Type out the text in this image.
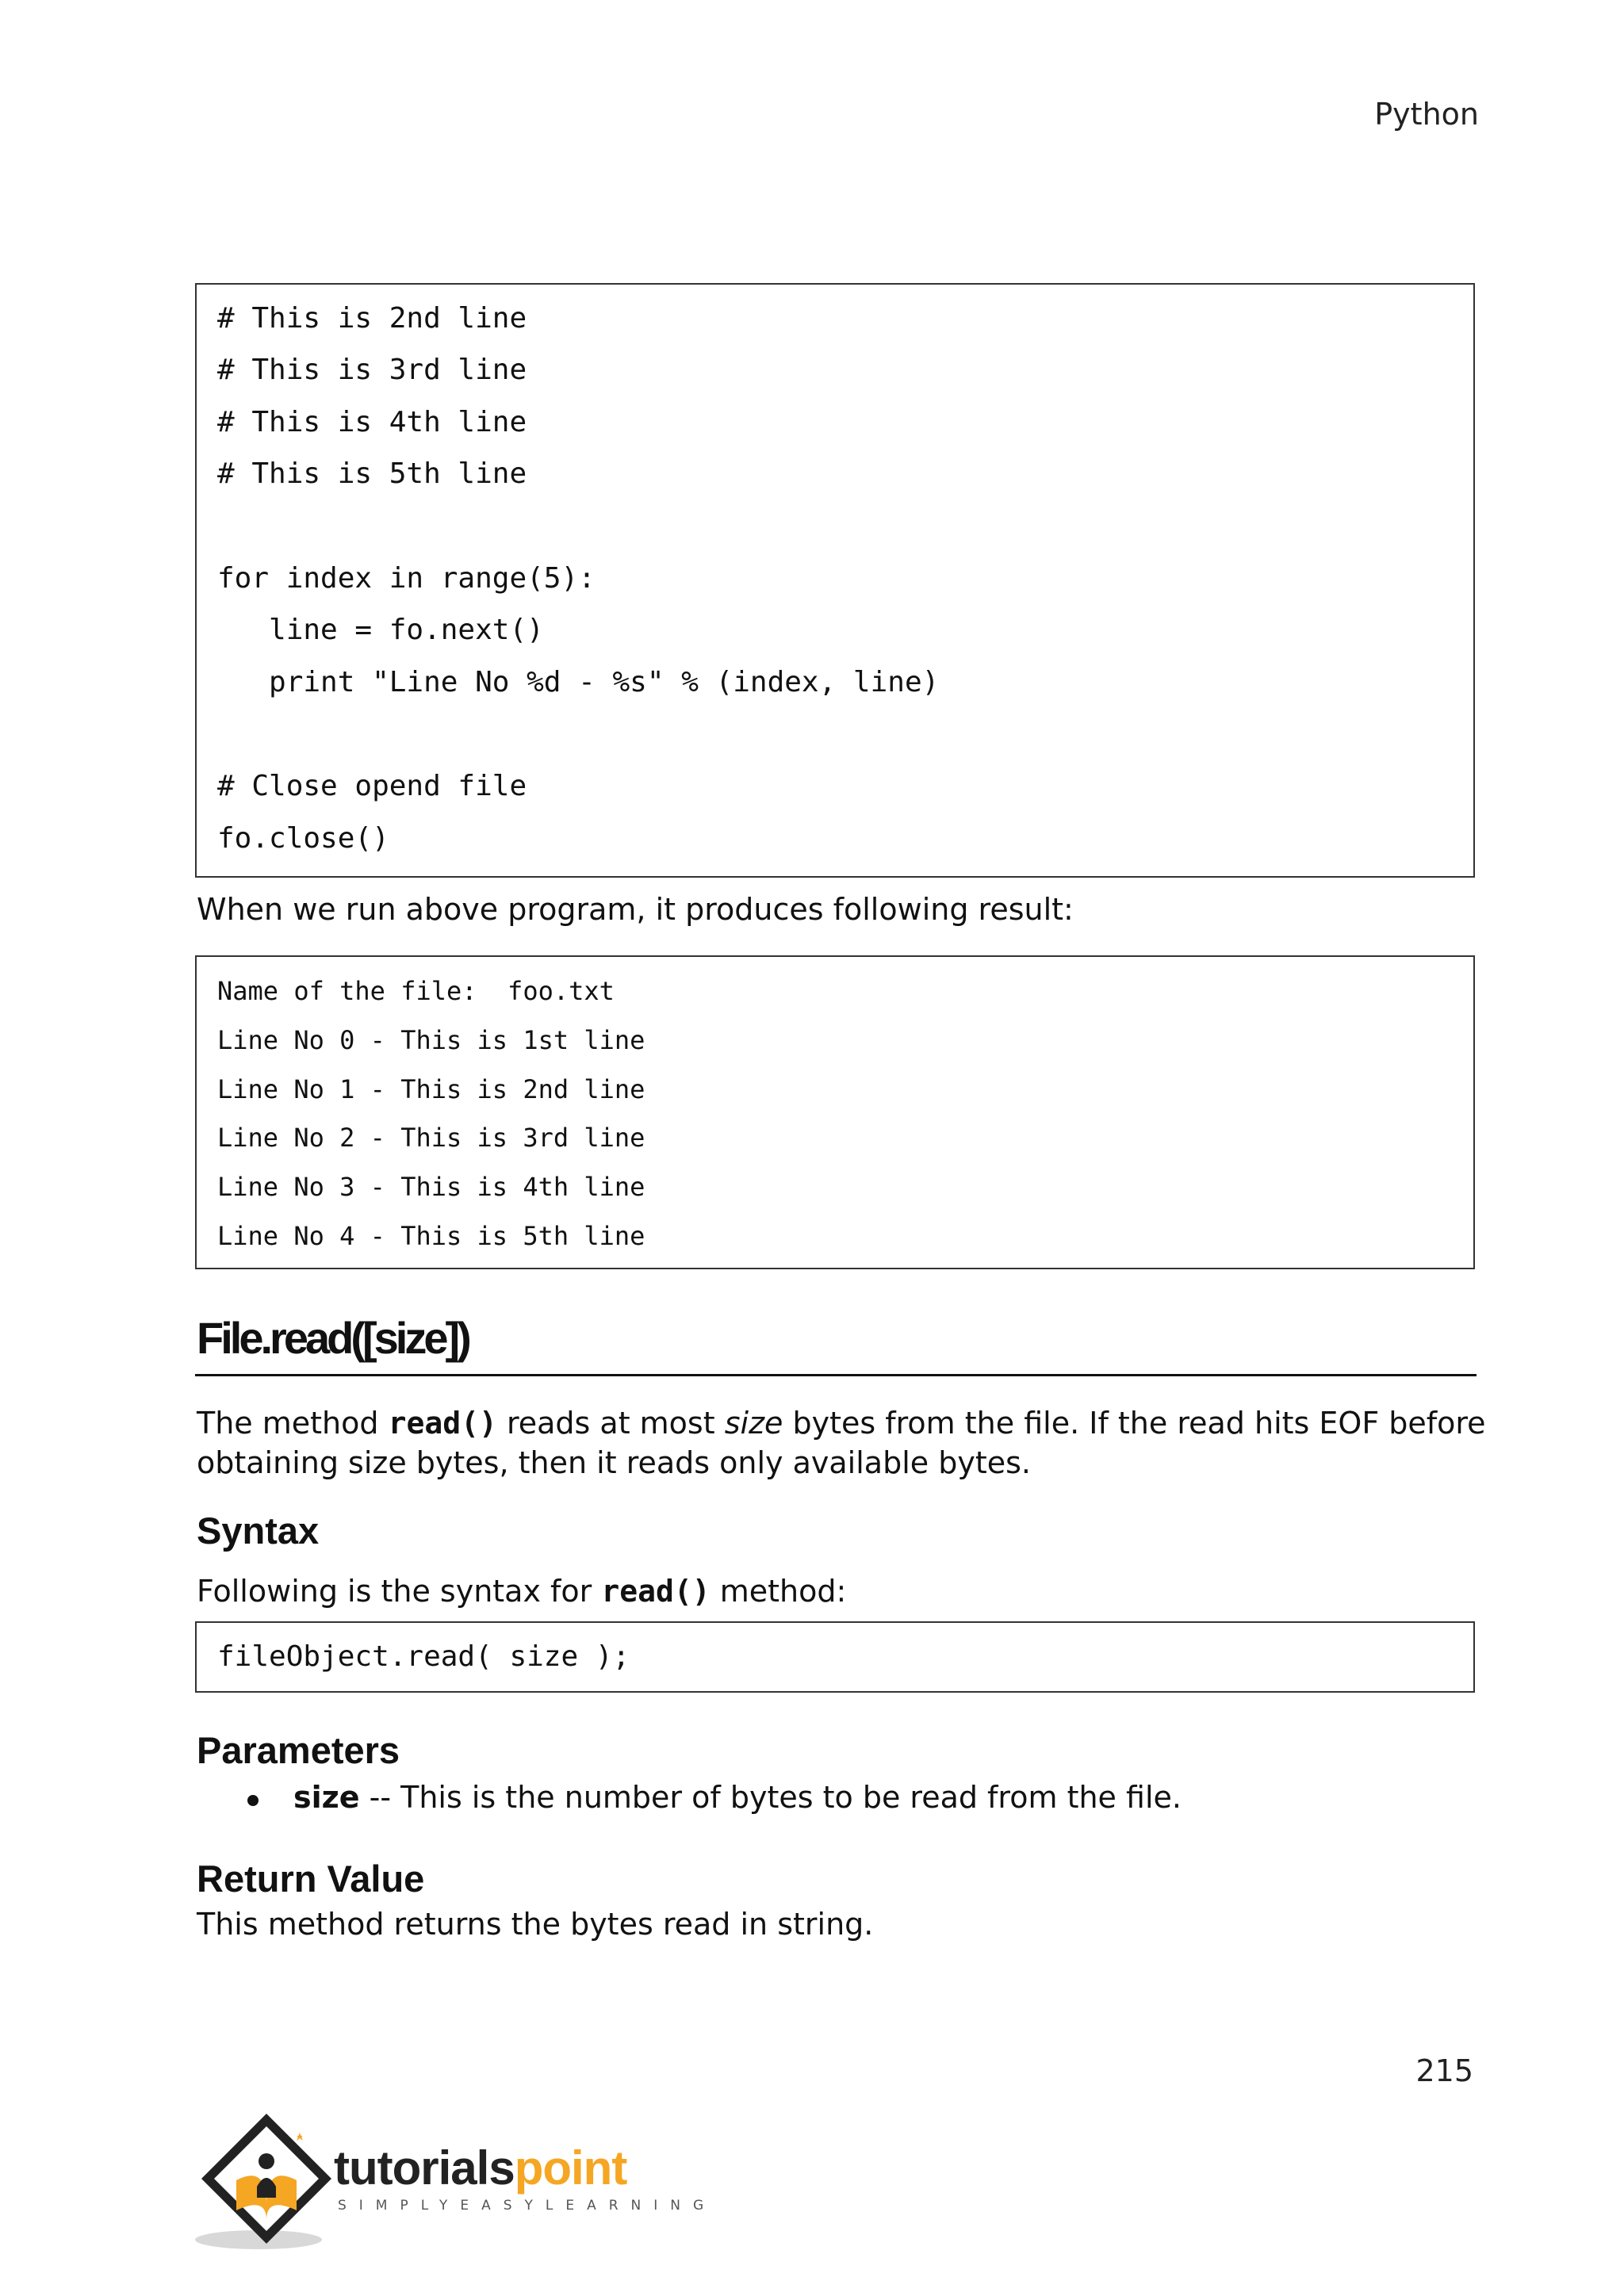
Python
# This is 2nd line
# This is 3rd line
# This is 4th line
# This is 5th line
for index in range(5):
line = fo.next()
print "Line No %d - %s" % (index, line)
# Close opend file
fo.close()
When we run above program, it produces following result:
Name of the file:  foo.txt
Line No 0 - This is 1st line
Line No 1 - This is 2nd line
Line No 2 - This is 3rd line
Line No 3 - This is 4th line
Line No 4 - This is 5th line
File.read([size])
The method read() reads at most size bytes from the file. If the read hits EOF before
obtaining size bytes, then it reads only available bytes.
Syntax
Following is the syntax for read() method:
fileObject.read( size );
Parameters
size -- This is the number of bytes to be read from the file.
Return Value
This method returns the bytes read in string.
215
tutorialspoint
SIMPLYEASYLEARNING
